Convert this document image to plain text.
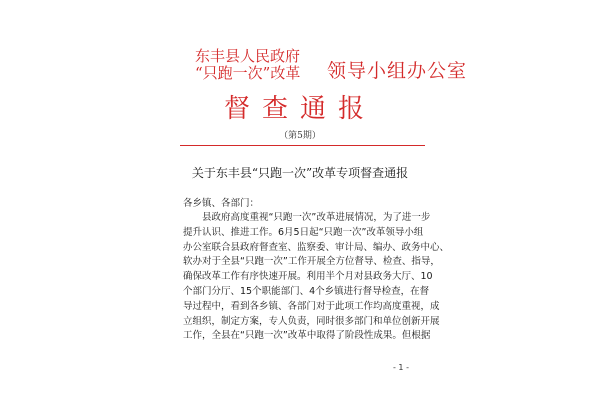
东丰县人民政府
“只跑一次”改革	领导小组办公室
督查通报
（第5期）
关于东丰县“只跑一次”改革专项督查通报
各乡镇、各部门：
县政府高度重视“只跑一次”改革进展情况，为了进一步
提升认识、推进工作。6月5日起“只跑一次”改革领导小组
办公室联合县政府督查室、监察委、审计局、编办、政务中心、
软办对于全县“只跑一次”工作开展全方位督导、检查、指导，
确保改革工作有序快速开展。利用半个月对县政务大厅、10
个部门分厅、15个职能部门、4个乡镇进行督导检查，在督
导过程中，看到各乡镇、各部门对于此项工作均高度重视，成
立组织，制定方案，专人负责，同时很多部门和单位创新开展
工作，全县在“只跑一次”改革中取得了阶段性成果。但根据
- 1 -
